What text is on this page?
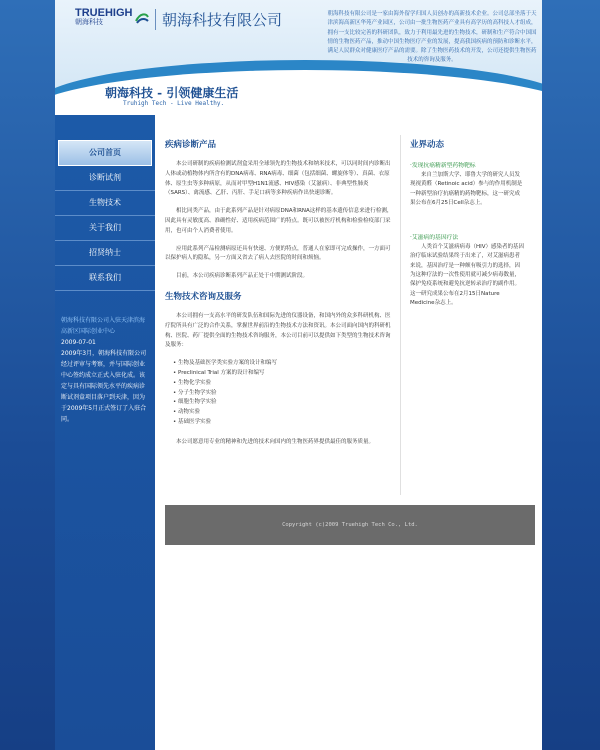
TRUEHIGH
朝海科技	朝海科技有限公司	朝海科技有限公司是一家由海外留学归国人员创办的高新技术企业。公司总部坐落于天津滨海高新区华苑产业园区，公司由一批生物医药产业具有高学历的高科技人才组成，拥有一支比较完善的科研团队，致力于利用最先进的生物技术，研制和生产符合中国国情的生物医药产品，推动中国生物医疗产业的发展，提高我国疾病的预防和诊断水平，满足人民群众对健康医疗产品的需要。除了生物医药技术的开发，公司还提供生物医药技术的咨询及服务。
朝海科技 - 引领健康生活
Truhigh Tech - Live Healthy.
公司首页
诊断试剂
生物技术
关于我们
招贤纳士
联系我们
朝海科技有限公司入驻天津滨海高新区国际创业中心
2009-07-01
2009年3月，朝海科技有限公司经过评审与考察，并与国际创业中心签约成立正式入驻化成。该定与具有国际领先水平的疾病诊断试剂盒项目落户到天津，因为于2009年5月正式签订了入驻合同。
疾病诊断产品

本公司研制的疾病检测试剂盒采用全球领先的生物技术和纳米技术，可以同时间内诊断出人体或动植物体内所含有的DNA病毒、RNA病毒、细菌（包括细菌、螺旋体等）、真菌、衣原体、原生虫等多种病原，从而对甲型H1N1流感、HIV感染（艾滋病）、非典型性肺炎（SARS）、禽流感、乙肝、丙肝、手足口病等多种疾病作出快速诊断。

相比同类产品，由于此系列产品是针对病原DNA和RNA这样的基本遗传信息来进行检测，因此具有灵敏度高、准确性好、适用疾病范围广的特点。既可以被医疗机构和检验检疫部门采用，也可由个人消费者使用。

应用此系列产品检测病原还具有快速、方便的特点，普通人在家即可完成操作，一方面可以保护病人的隐私，另一方面又省去了病人去医院的时间和烦恼。

目前，本公司疾病诊断系列产品正处于中期测试阶段。

生物技术咨询及服务

本公司拥有一支高水平的研发队伍和国际先进的仪器设备，和国内外的众多科研机构、医疗院所具有广泛的合作关系，掌握世界前沿的生物技术方法和资讯。本公司面向国内的科研机构、医院、药厂提供全面的生物技术咨询服务，本公司目前可以提供如下类型的生物技术咨询及服务：

• 生物及基础医学类实验方案的设计和编写
• Preclinical Trial 方案的设计和编写
• 生物化学实验
• 分子生物学实验
• 细胞生物学实验
• 动物实验
• 基础医学实验

本公司愿意用专业的精神和先进的技术向国内的生物医药界提供最佳的服务质量。

业界动态
·发现抗癌精新型药物靶标

来自兰加斯大学、耶鲁大学的研究人员发现视黄醛（Retinoic acid）参与的作用机制是一种新型治疗抗癌精的药物靶标，这一研究成果公布在6月25日Cell杂志上。

·艾滋病的基因疗法

人类首个艾滋病病毒（HIV）感染者的基因治疗临床试验结果终于出来了，对艾滋病患者来说，基因治疗是一种颇有吸引力的选择，因为这种疗法的一次性使用就可减少病毒数量，保护免疫系统和避免抗逆转录治疗的副作用。这一研究成果公布在2月15日Nature Medicine杂志上。

Copyright (c)2009 Truehigh Tech Co., Ltd.
